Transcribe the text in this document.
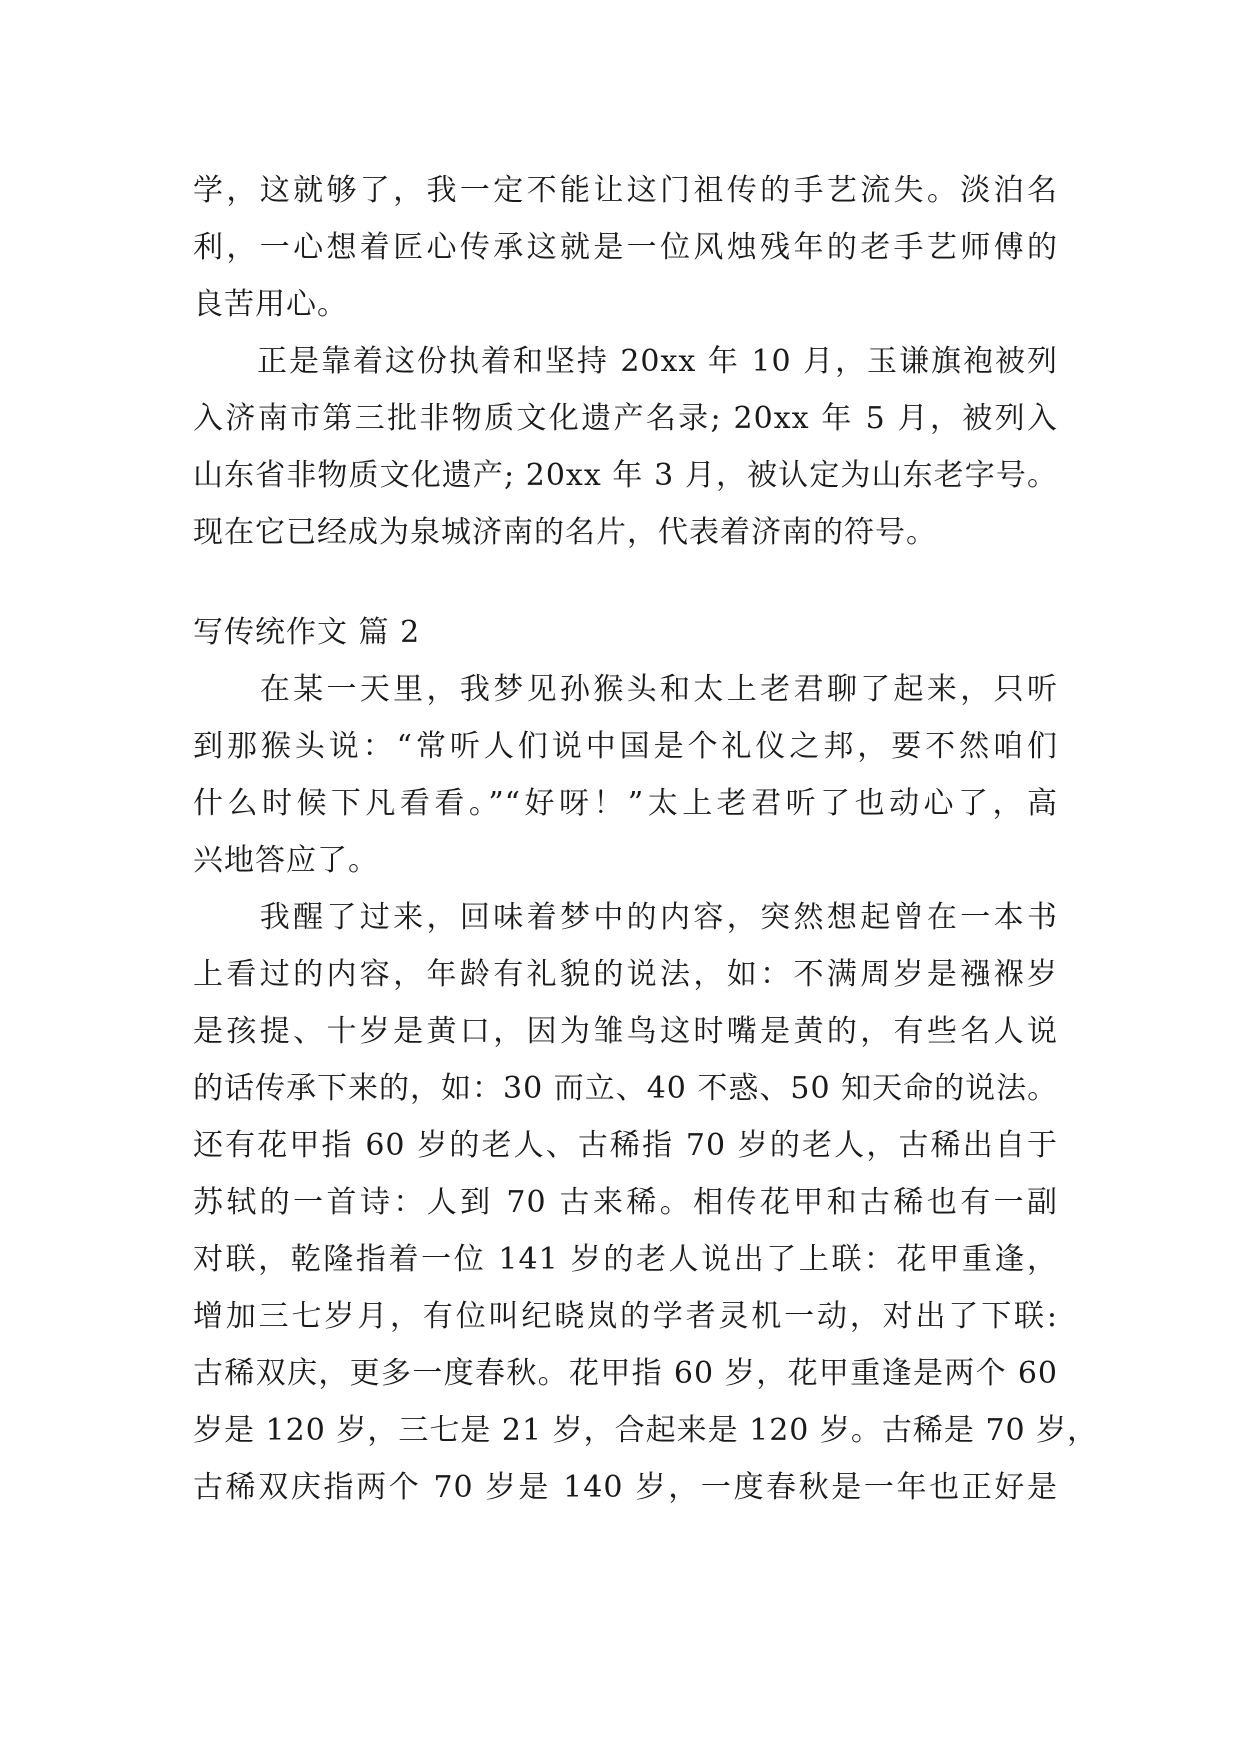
学，这就够了，我一定不能让这门祖传的手艺流失。淡泊名
利，一心想着匠心传承这就是一位风烛残年的老手艺师傅的
良苦用心。
　　正是靠着这份执着和坚持 20xx 年 10 月，玉谦旗袍被列
入济南市第三批非物质文化遗产名录; 20xx 年 5 月，被列入
山东省非物质文化遗产; 20xx 年 3 月，被认定为山东老字号。
现在它已经成为泉城济南的名片，代表着济南的符号。
写传统作文 篇 2
　　在某一天里，我梦见孙猴头和太上老君聊了起来，只听
到那猴头说：“常听人们说中国是个礼仪之邦，要不然咱们
什么时候下凡看看。”“好呀！”太上老君听了也动心了，高
兴地答应了。
　　我醒了过来，回味着梦中的内容，突然想起曾在一本书
上看过的内容，年龄有礼貌的说法，如：不满周岁是襁褓岁
是孩提、十岁是黄口，因为雏鸟这时嘴是黄的，有些名人说
的话传承下来的，如：30 而立、40 不惑、50 知天命的说法。
还有花甲指 60 岁的老人、古稀指 70 岁的老人，古稀出自于
苏轼的一首诗：人到 70 古来稀。相传花甲和古稀也有一副
对联，乾隆指着一位 141 岁的老人说出了上联：花甲重逢，
增加三七岁月，有位叫纪晓岚的学者灵机一动，对出了下联:
古稀双庆，更多一度春秋。花甲指 60 岁，花甲重逢是两个 60
岁是 120 岁，三七是 21 岁，合起来是 120 岁。古稀是 70 岁，
古稀双庆指两个 70 岁是 140 岁，一度春秋是一年也正好是
